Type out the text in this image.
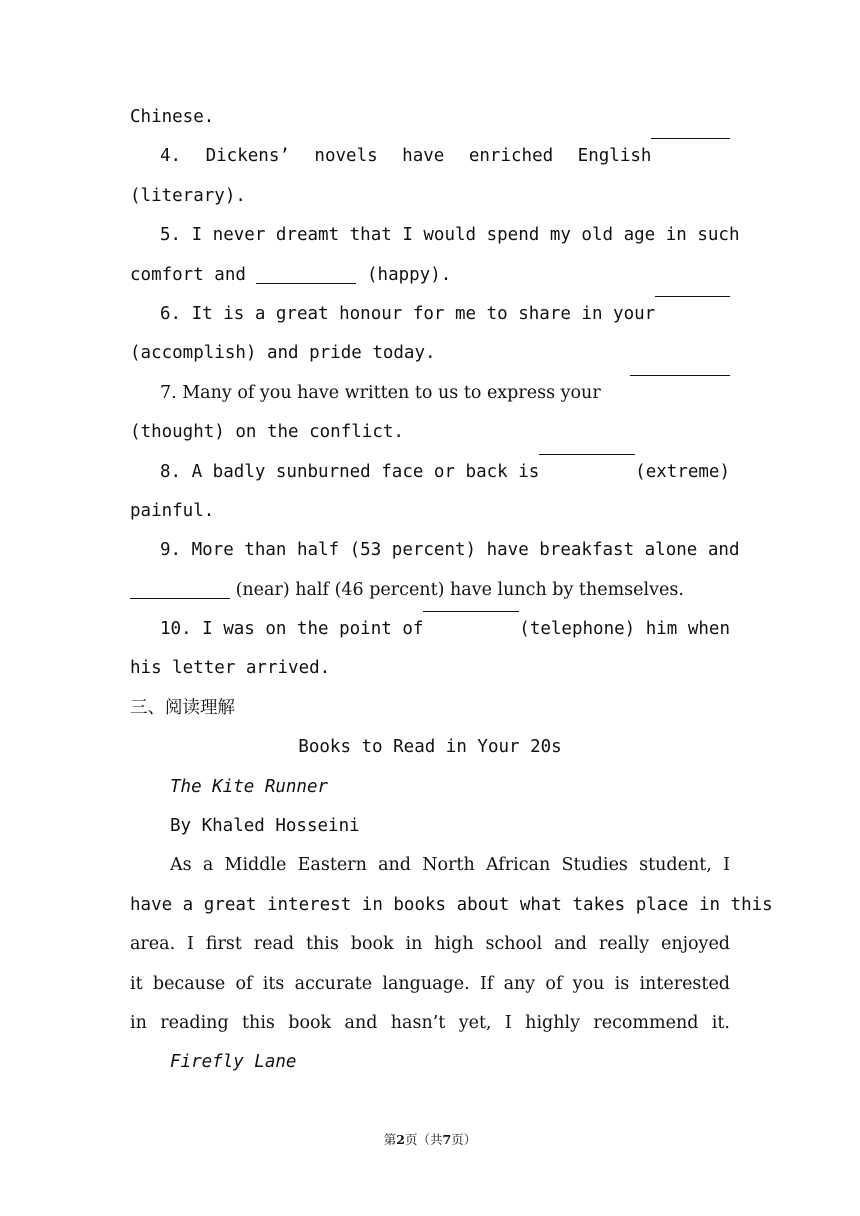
Chinese.
4. Dickens’ novels have enriched English
(literary).
5. I never dreamt that I would spend my old age in such
comfort and	(happy).
6. It is a great honour for me to share in your
(accomplish) and pride today.
7. Many of you have written to us to express your
(thought) on the conflict.
8. A badly sunburned face or back is	(extreme)
painful.
9. More than half (53 percent) have breakfast alone and
(near) half (46 percent) have lunch by themselves.
10. I was on the point of	(telephone) him when
his letter arrived.
三、阅读理解
Books to Read in Your 20s
The Kite Runner
By Khaled Hosseini
As a Middle Eastern and North African Studies student, I
have a great interest in books about what takes place in this
area. I first read this book in high school and really enjoyed
it because of its accurate language. If any of you is interested
in reading this book and hasn’t yet, I highly recommend it.
Firefly Lane
第2页（共7页）
